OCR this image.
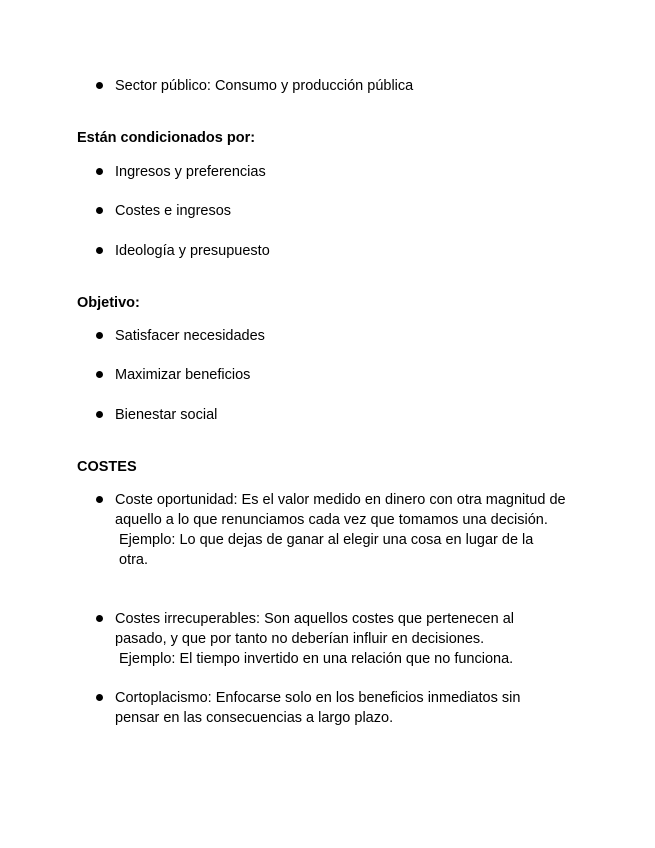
Sector público: Consumo y producción pública
Están condicionados por:
Ingresos y preferencias
Costes e ingresos
Ideología y presupuesto
Objetivo:
Satisfacer necesidades
Maximizar beneficios
Bienestar social
COSTES
Coste oportunidad: Es el valor medido en dinero con otra magnitud de aquello a lo que renunciamos cada vez que tomamos una decisión.
Ejemplo: Lo que dejas de ganar al elegir una cosa en lugar de la otra.
Costes irrecuperables: Son aquellos costes que pertenecen al pasado, y que por tanto no deberían influir en decisiones.
Ejemplo: El tiempo invertido en una relación que no funciona.
Cortoplacismo: Enfocarse solo en los beneficios inmediatos sin pensar en las consecuencias a largo plazo.
